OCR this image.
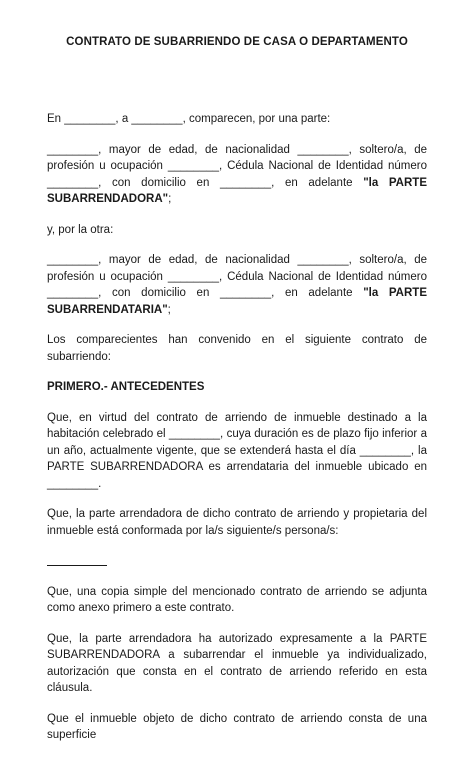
CONTRATO DE SUBARRIENDO DE CASA O DEPARTAMENTO

En ________, a ________, comparecen, por una parte:

________, mayor de edad, de nacionalidad ________, soltero/a, de profesión u ocupación ________, Cédula Nacional de Identidad número ________, con domicilio en ________, en adelante "la PARTE SUBARRENDADORA";

y, por la otra:

________, mayor de edad, de nacionalidad ________, soltero/a, de profesión u ocupación ________, Cédula Nacional de Identidad número ________, con domicilio en ________, en adelante "la PARTE SUBARRENDATARIA";

Los comparecientes han convenido en el siguiente contrato de subarriendo:

PRIMERO.- ANTECEDENTES

Que, en virtud del contrato de arriendo de inmueble destinado a la habitación celebrado el ________, cuya duración es de plazo fijo inferior a un año, actualmente vigente, que se extenderá hasta el día ________, la PARTE SUBARRENDADORA es arrendataria del inmueble ubicado en ________.

Que, la parte arrendadora de dicho contrato de arriendo y propietaria del inmueble está conformada por la/s siguiente/s persona/s:

Que, una copia simple del mencionado contrato de arriendo se adjunta como anexo primero a este contrato.

Que, la parte arrendadora ha autorizado expresamente a la PARTE SUBARRENDADORA a subarrendar el inmueble ya individualizado, autorización que consta en el contrato de arriendo referido en esta cláusula.

Que el inmueble objeto de dicho contrato de arriendo consta de una superficie
